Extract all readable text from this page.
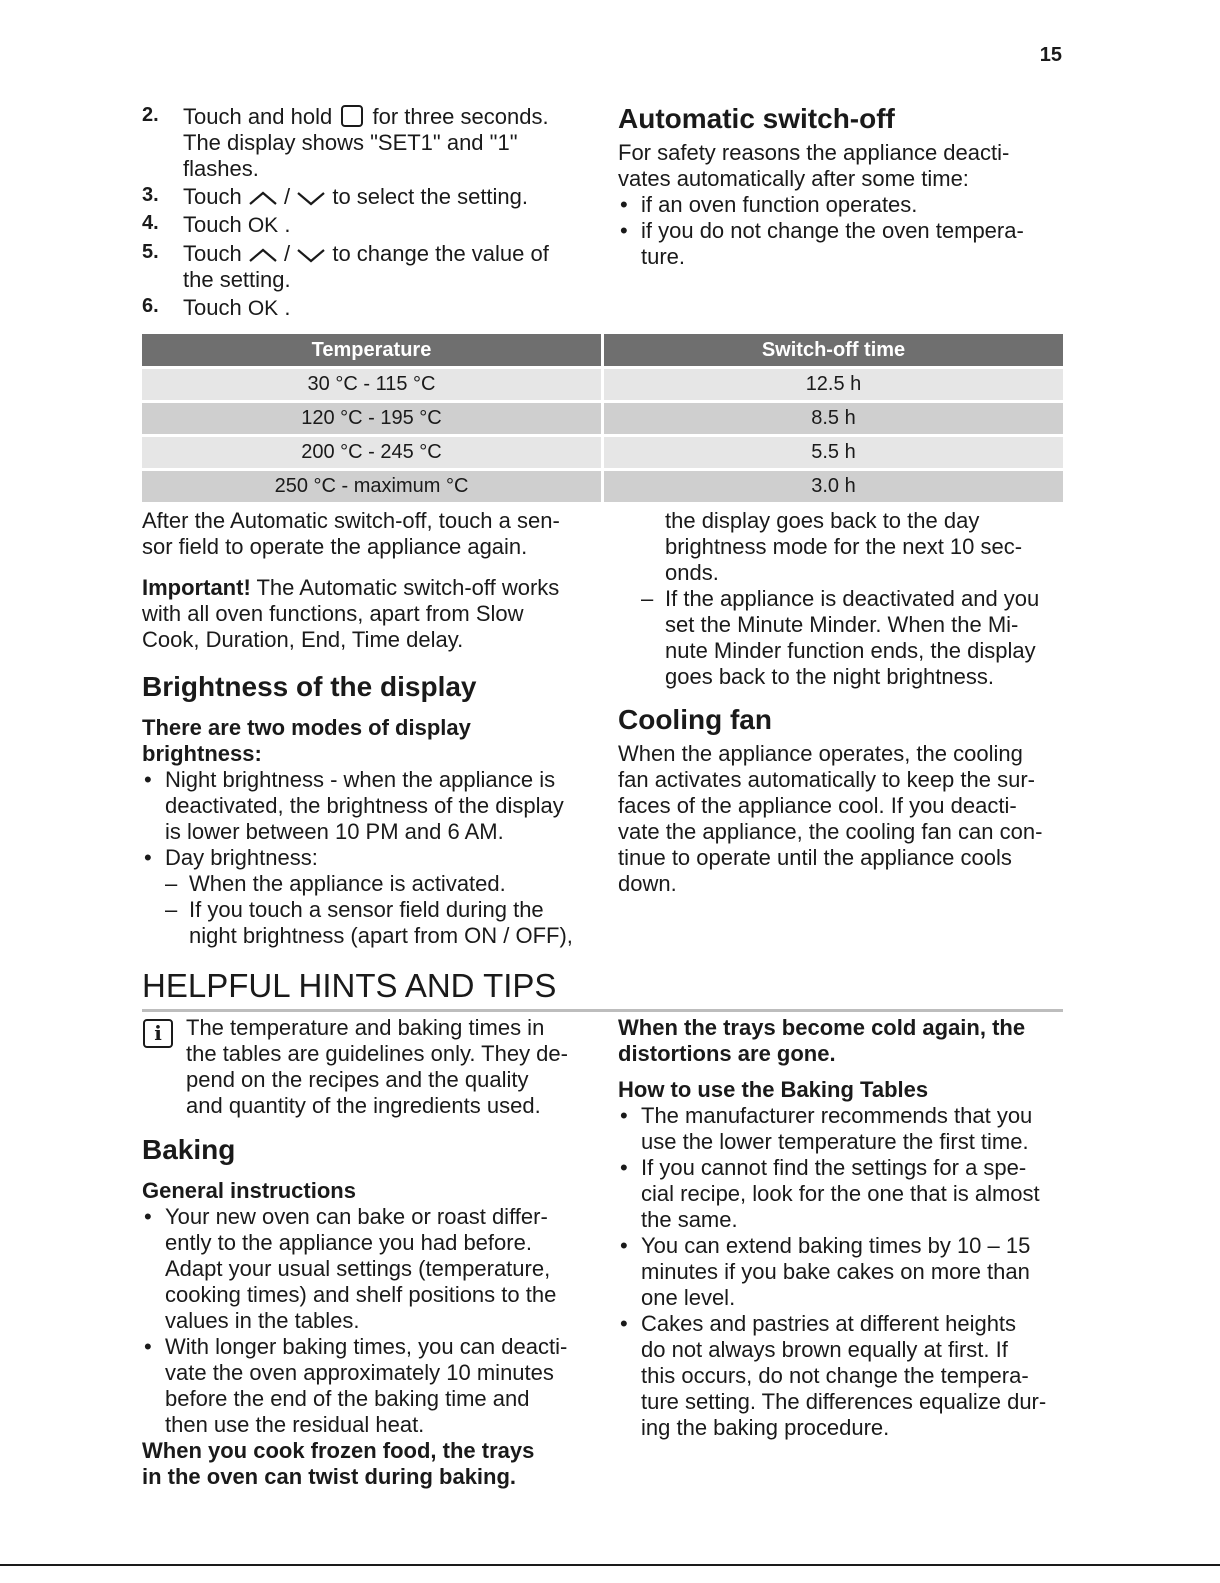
15
2. Touch and hold for three seconds.
The display shows "SET1" and "1"
flashes.
3. Touch / to select the setting.
4. Touch OK .
5. Touch / to change the value of
the setting.
6. Touch OK .
Automatic switch-off

For safety reasons the appliance deacti-
vates automatically after some time:

• if an oven function operates.
• if you do not change the oven tempera-
ture.
Temperature	Switch-off time
30 °C - 115 °C	12.5 h
120 °C - 195 °C	8.5 h
200 °C - 245 °C	5.5 h
250 °C - maximum °C	3.0 h

After the Automatic switch-off, touch a sen-
sor field to operate the appliance again.

Important! The Automatic switch-off works
with all oven functions, apart from Slow
Cook, Duration, End, Time delay.

Brightness of the display
There are two modes of display
brightness:
• Night brightness - when the appliance is
deactivated, the brightness of the display
is lower between 10 PM and 6 AM.
• Day brightness:
– When the appliance is activated.
– If you touch a sensor field during the
night brightness (apart from ON / OFF),

the display goes back to the day
brightness mode for the next 10 sec-
onds.

– If the appliance is deactivated and you
set the Minute Minder. When the Mi-
nute Minder function ends, the display
goes back to the night brightness.
Cooling fan

When the appliance operates, the cooling
fan activates automatically to keep the sur-
faces of the appliance cool. If you deacti-
vate the appliance, the cooling fan can con-
tinue to operate until the appliance cools
down.

HELPFUL HINTS AND TIPS
i	The temperature and baking times in
the tables are guidelines only. They de-
pend on the recipes and the quality
and quantity of the ingredients used.

Baking
General instructions
• Your new oven can bake or roast differ-
ently to the appliance you had before.
Adapt your usual settings (temperature,
cooking times) and shelf positions to the
values in the tables.
• With longer baking times, you can deacti-
vate the oven approximately 10 minutes
before the end of the baking time and
then use the residual heat.
When you cook frozen food, the trays
in the oven can twist during baking.
When the trays become cold again, the
distortions are gone.
How to use the Baking Tables
• The manufacturer recommends that you
use the lower temperature the first time.
• If you cannot find the settings for a spe-
cial recipe, look for the one that is almost
the same.
• You can extend baking times by 10 – 15
minutes if you bake cakes on more than
one level.
• Cakes and pastries at different heights
do not always brown equally at first. If
this occurs, do not change the tempera-
ture setting. The differences equalize dur-
ing the baking procedure.
